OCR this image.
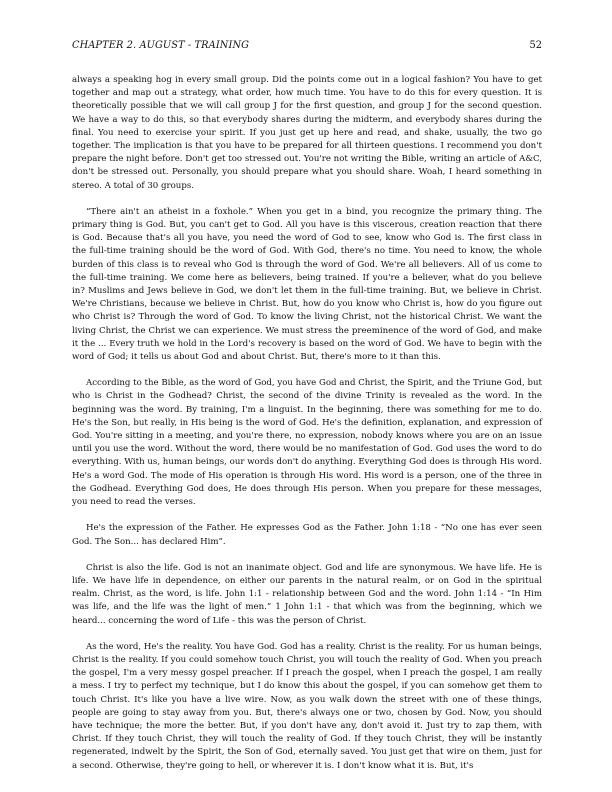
CHAPTER 2. AUGUST - TRAINING	52

always a speaking hog in every small group. Did the points come out in a logical fashion? You have to get together and map out a strategy, what order, how much time. You have to do this for every question. It is theoretically possible that we will call group J for the first question, and group J for the second question. We have a way to do this, so that everybody shares during the midterm, and everybody shares during the final. You need to exercise your spirit. If you just get up here and read, and shake, usually, the two go together. The implication is that you have to be prepared for all thirteen questions. I recommend you don't prepare the night before. Don't get too stressed out. You're not writing the Bible, writing an article of A&C, don't be stressed out. Personally, you should prepare what you should share. Woah, I heard something in stereo. A total of 30 groups.

“There ain't an atheist in a foxhole.” When you get in a bind, you recognize the primary thing. The primary thing is God. But, you can't get to God. All you have is this viscerous, creation reaction that there is God. Because that's all you have, you need the word of God to see, know who God is. The first class in the full-time training should be the word of God. With God, there's no time. You need to know, the whole burden of this class is to reveal who God is through the word of God. We're all believers. All of us come to the full-time training. We come here as believers, being trained. If you're a believer, what do you believe in? Muslims and Jews believe in God, we don't let them in the full-time training. But, we believe in Christ. We're Christians, because we believe in Christ. But, how do you know who Christ is, how do you figure out who Christ is? Through the word of God. To know the living Christ, not the historical Christ. We want the living Christ, the Christ we can experience. We must stress the preeminence of the word of God, and make it the ... Every truth we hold in the Lord's recovery is based on the word of God. We have to begin with the word of God; it tells us about God and about Christ. But, there's more to it than this.

According to the Bible, as the word of God, you have God and Christ, the Spirit, and the Triune God, but who is Christ in the Godhead? Christ, the second of the divine Trinity is revealed as the word. In the beginning was the word. By training, I'm a linguist. In the beginning, there was something for me to do. He's the Son, but really, in His being is the word of God. He's the definition, explanation, and expression of God. You're sitting in a meeting, and you're there, no expression, nobody knows where you are on an issue until you use the word. Without the word, there would be no manifestation of God. God uses the word to do everything. With us, human beings, our words don't do anything. Everything God does is through His word. He's a word God. The mode of His operation is through His word. His word is a person, one of the three in the Godhead. Everything God does, He does through His person. When you prepare for these messages, you need to read the verses.

He's the expression of the Father. He expresses God as the Father. John 1:18 - “No one has ever seen God. The Son... has declared Him”.

Christ is also the life. God is not an inanimate object. God and life are synonymous. We have life. He is life. We have life in dependence, on either our parents in the natural realm, or on God in the spiritual realm. Christ, as the word, is life. John 1:1 - relationship between God and the word. John 1:14 - “In Him was life, and the life was the light of men.” 1 John 1:1 - that which was from the beginning, which we heard... concerning the word of Life - this was the person of Christ.

As the word, He's the reality. You have God. God has a reality. Christ is the reality. For us human beings, Christ is the reality. If you could somehow touch Christ, you will touch the reality of God. When you preach the gospel, I'm a very messy gospel preacher. If I preach the gospel, when I preach the gospel, I am really a mess. I try to perfect my technique, but I do know this about the gospel, if you can somehow get them to touch Christ. It's like you have a live wire. Now, as you walk down the street with one of these things, people are going to stay away from you. But, there's always one or two, chosen by God. Now, you should have technique; the more the better. But, if you don't have any, don't avoid it. Just try to zap them, with Christ. If they touch Christ, they will touch the reality of God. If they touch Christ, they will be instantly regenerated, indwelt by the Spirit, the Son of God, eternally saved. You just get that wire on them, just for a second. Otherwise, they're going to hell, or wherever it is. I don't know what it is. But, it's
